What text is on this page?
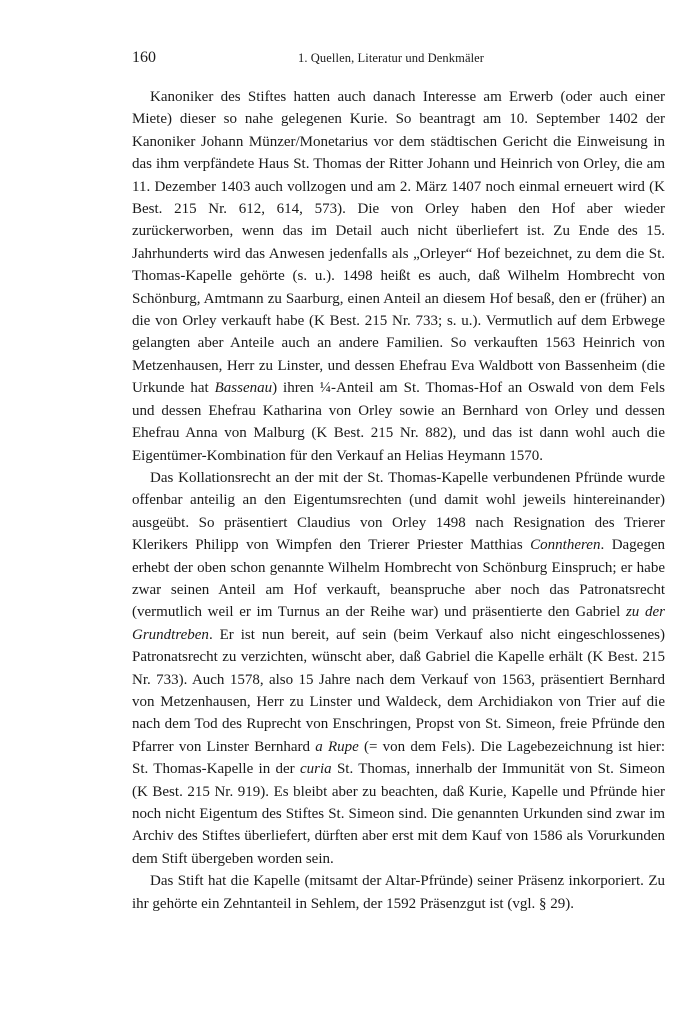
160	1. Quellen, Literatur und Denkmäler

Kanoniker des Stiftes hatten auch danach Interesse am Erwerb (oder auch einer Miete) dieser so nahe gelegenen Kurie. So beantragt am 10. September 1402 der Kanoniker Johann Münzer/Monetarius vor dem städtischen Gericht die Einweisung in das ihm verpfändete Haus St. Thomas der Ritter Johann und Heinrich von Orley, die am 11. Dezember 1403 auch vollzogen und am 2. März 1407 noch einmal erneuert wird (K Best. 215 Nr. 612, 614, 573). Die von Orley haben den Hof aber wieder zurückerworben, wenn das im Detail auch nicht überliefert ist. Zu Ende des 15. Jahrhunderts wird das Anwesen jedenfalls als „Orleyer“ Hof bezeichnet, zu dem die St. Thomas-Kapelle gehörte (s. u.). 1498 heißt es auch, daß Wilhelm Hombrecht von Schönburg, Amtmann zu Saarburg, einen Anteil an diesem Hof besaß, den er (früher) an die von Orley verkauft habe (K Best. 215 Nr. 733; s. u.). Vermutlich auf dem Erbwege gelangten aber Anteile auch an andere Familien. So verkauften 1563 Heinrich von Metzenhausen, Herr zu Linster, und dessen Ehefrau Eva Waldbott von Bassenheim (die Urkunde hat Bassenau) ihren ¼-Anteil am St. Thomas-Hof an Oswald von dem Fels und dessen Ehefrau Katharina von Orley sowie an Bernhard von Orley und dessen Ehefrau Anna von Malburg (K Best. 215 Nr. 882), und das ist dann wohl auch die Eigentümer-Kombination für den Verkauf an Helias Heymann 1570.

Das Kollationsrecht an der mit der St. Thomas-Kapelle verbundenen Pfründe wurde offenbar anteilig an den Eigentumsrechten (und damit wohl jeweils hintereinander) ausgeübt. So präsentiert Claudius von Orley 1498 nach Resignation des Trierer Klerikers Philipp von Wimpfen den Trierer Priester Matthias Conntheren. Dagegen erhebt der oben schon genannte Wilhelm Hombrecht von Schönburg Einspruch; er habe zwar seinen Anteil am Hof verkauft, beanspruche aber noch das Patronatsrecht (vermutlich weil er im Turnus an der Reihe war) und präsentierte den Gabriel zu der Grundtreben. Er ist nun bereit, auf sein (beim Verkauf also nicht eingeschlossenes) Patronatsrecht zu verzichten, wünscht aber, daß Gabriel die Kapelle erhält (K Best. 215 Nr. 733). Auch 1578, also 15 Jahre nach dem Verkauf von 1563, präsentiert Bernhard von Metzenhausen, Herr zu Linster und Waldeck, dem Archidiakon von Trier auf die nach dem Tod des Ruprecht von Enschringen, Propst von St. Simeon, freie Pfründe den Pfarrer von Linster Bernhard a Rupe (= von dem Fels). Die Lagebezeichnung ist hier: St. Thomas-Kapelle in der curia St. Thomas, innerhalb der Immunität von St. Simeon (K Best. 215 Nr. 919). Es bleibt aber zu beachten, daß Kurie, Kapelle und Pfründe hier noch nicht Eigentum des Stiftes St. Simeon sind. Die genannten Urkunden sind zwar im Archiv des Stiftes überliefert, dürften aber erst mit dem Kauf von 1586 als Vorurkunden dem Stift übergeben worden sein.

Das Stift hat die Kapelle (mitsamt der Altar-Pfründe) seiner Präsenz inkorporiert. Zu ihr gehörte ein Zehntanteil in Sehlem, der 1592 Präsenzgut ist (vgl. § 29).
